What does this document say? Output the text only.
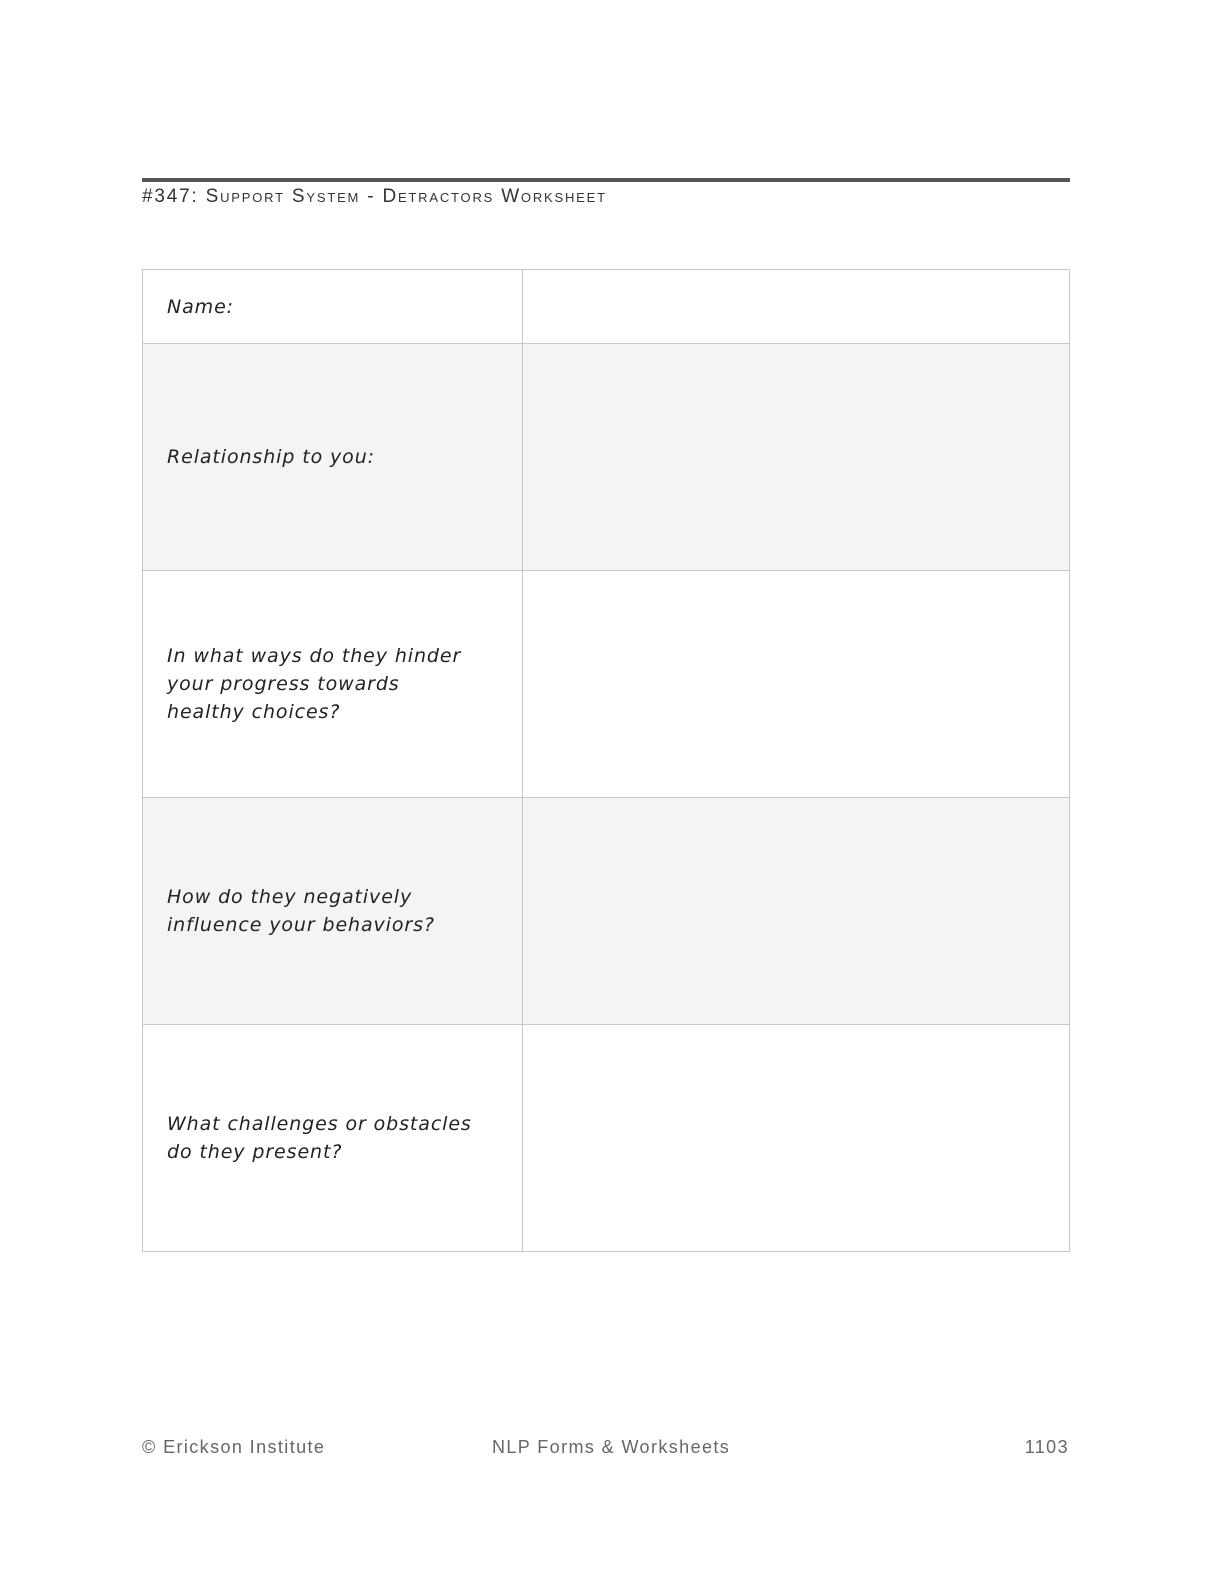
#347: Support System - Detractors Worksheet
Name:	

Relationship to you:	

In what ways do they hinder
your progress towards
healthy choices?	

How do they negatively
influence your behaviors?	

What challenges or obstacles
do they present?	

© Erickson Institute	NLP Forms & Worksheets	1103
